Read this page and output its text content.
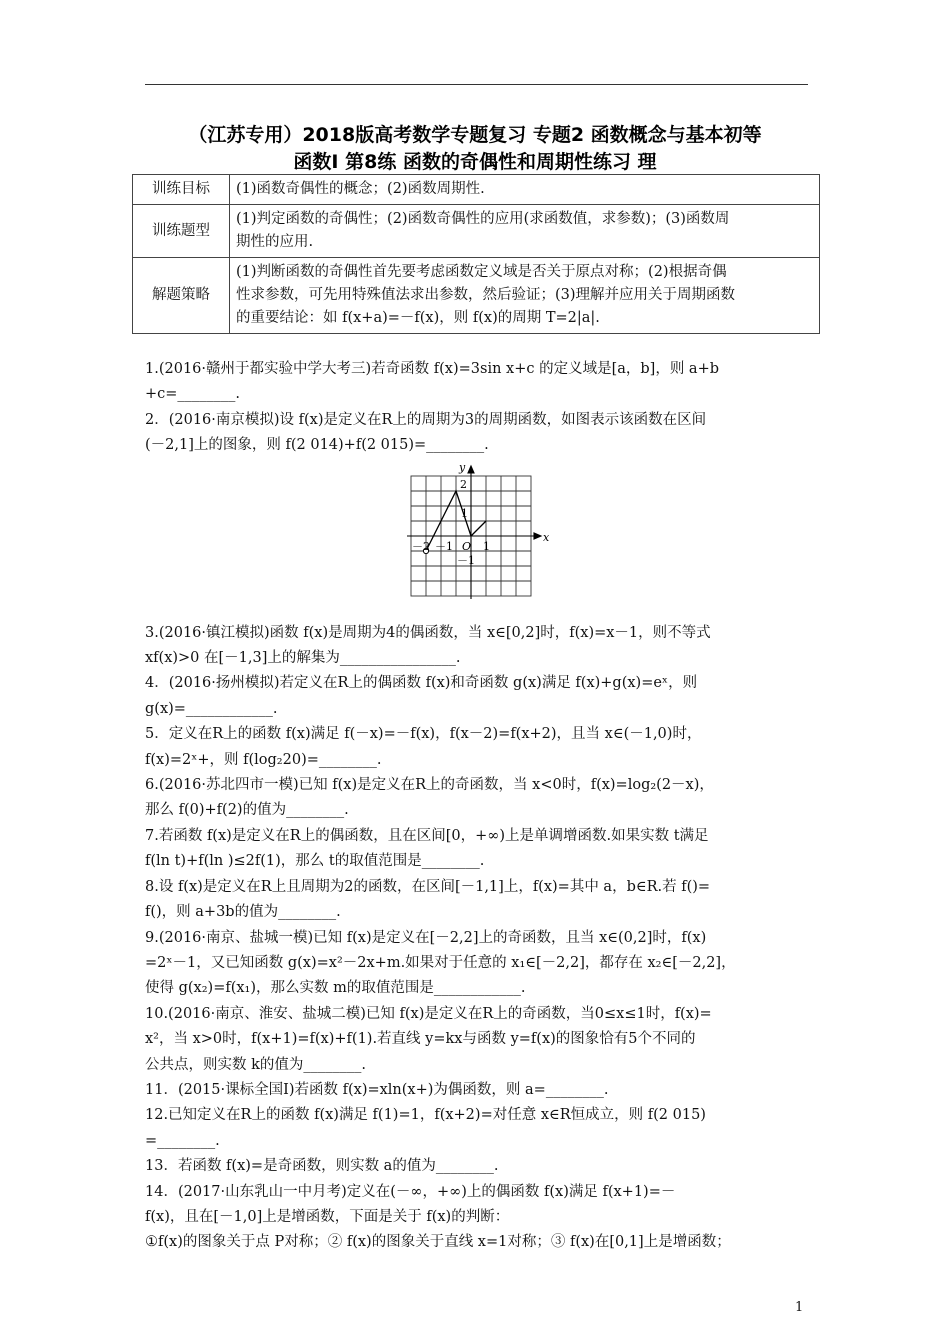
（江苏专用）2018版高考数学专题复习 专题2 函数概念与基本初等
函数Ⅰ 第8练 函数的奇偶性和周期性练习 理
训练目标	(1)函数奇偶性的概念；(2)函数周期性.

训练题型	(1)判定函数的奇偶性；(2)函数奇偶性的应用(求函数值，求参数)；(3)函数周
期性的应用.

解题策略	(1)判断函数的奇偶性首先要考虑函数定义域是否关于原点对称；(2)根据奇偶
性求参数，可先用特殊值法求出参数，然后验证；(3)理解并应用关于周期函数
的重要结论：如 f(x+a)=－f(x)，则 f(x)的周期 T=2|a|.
1.(2016·赣州于都实验中学大考三)若奇函数 f(x)=3sin x+c 的定义域是[a，b]，则 a+b
+c=________.
2．(2016·南京模拟)设 f(x)是定义在R上的周期为3的周期函数，如图表示该函数在区间
(－2,1]上的图象，则 f(2 014)+f(2 015)=________.
x
y
O
－2 －1	1
2
1
－1
3.(2016·镇江模拟)函数 f(x)是周期为4的偶函数，当 x∈[0,2]时，f(x)=x－1，则不等式
xf(x)>0 在[－1,3]上的解集为________________.
4．(2016·扬州模拟)若定义在R上的偶函数 f(x)和奇函数 g(x)满足 f(x)+g(x)=eˣ，则
g(x)=____________.
5．定义在R上的函数 f(x)满足 f(－x)=－f(x)，f(x－2)=f(x+2)，且当 x∈(－1,0)时，
f(x)=2ˣ+，则 f(log₂20)=________.
6.(2016·苏北四市一模)已知 f(x)是定义在R上的奇函数，当 x<0时，f(x)=log₂(2－x)，
那么 f(0)+f(2)的值为________.
7.若函数 f(x)是定义在R上的偶函数，且在区间[0，+∞)上是单调增函数.如果实数 t满足
f(ln t)+f(ln )≤2f(1)，那么 t的取值范围是________.
8.设 f(x)是定义在R上且周期为2的函数，在区间[－1,1]上，f(x)=其中 a，b∈R.若 f()=
f()，则 a+3b的值为________.
9.(2016·南京、盐城一模)已知 f(x)是定义在[－2,2]上的奇函数，且当 x∈(0,2]时，f(x)
=2ˣ－1，又已知函数 g(x)=x²－2x+m.如果对于任意的 x₁∈[－2,2]，都存在 x₂∈[－2,2]，
使得 g(x₂)=f(x₁)，那么实数 m的取值范围是____________.
10.(2016·南京、淮安、盐城二模)已知 f(x)是定义在R上的奇函数，当0≤x≤1时，f(x)=
x²，当 x>0时，f(x+1)=f(x)+f(1).若直线 y=kx与函数 y=f(x)的图象恰有5个不同的
公共点，则实数 k的值为________.
11．(2015·课标全国Ⅰ)若函数 f(x)=xln(x+)为偶函数，则 a=________.
12.已知定义在R上的函数 f(x)满足 f(1)=1，f(x+2)=对任意 x∈R恒成立，则 f(2 015)
=________.
13．若函数 f(x)=是奇函数，则实数 a的值为________.
14．(2017·山东乳山一中月考)定义在(－∞，+∞)上的偶函数 f(x)满足 f(x+1)=－
f(x)，且在[－1,0]上是增函数，下面是关于 f(x)的判断：
①f(x)的图象关于点 P对称；② f(x)的图象关于直线 x=1对称；③ f(x)在[0,1]上是增函数；
1
